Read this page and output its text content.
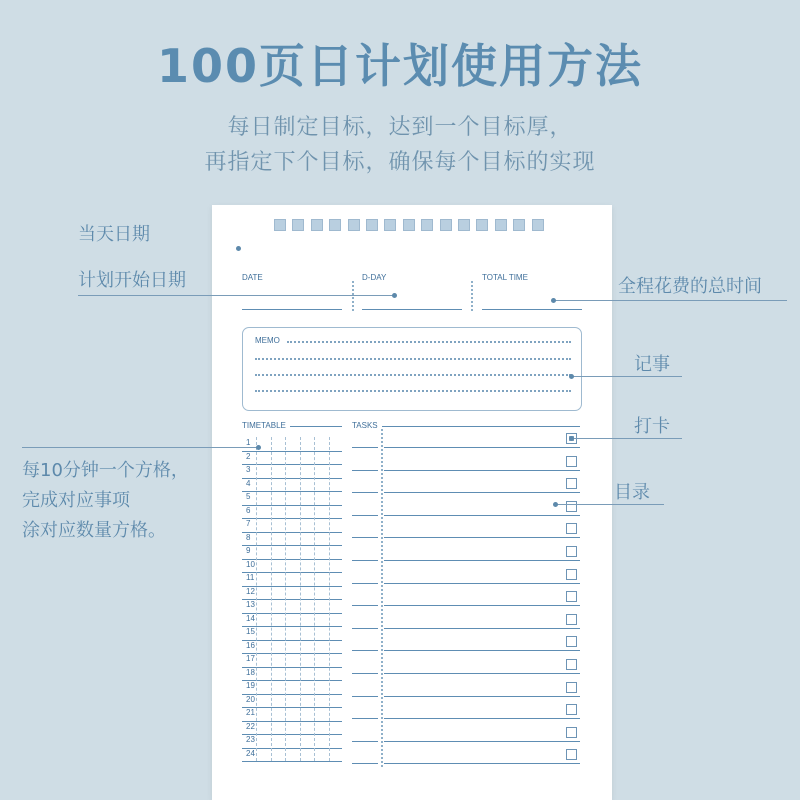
100页日计划使用方法
每日制定目标，达到一个目标厚，
再指定下个目标，确保每个目标的实现
DATE	D-DAY	TOTAL TIME
MEMO
TIMETABLE	TASKS
1
2
3
4
5
6
7
8
9
10
11
12
13
14
15
16
17
18
19
20
21
22
23
24
当天日期
计划开始日期	全程花费的总时间
记事
打卡
目录
每10分钟一个方格，
完成对应事项
涂对应数量方格。
